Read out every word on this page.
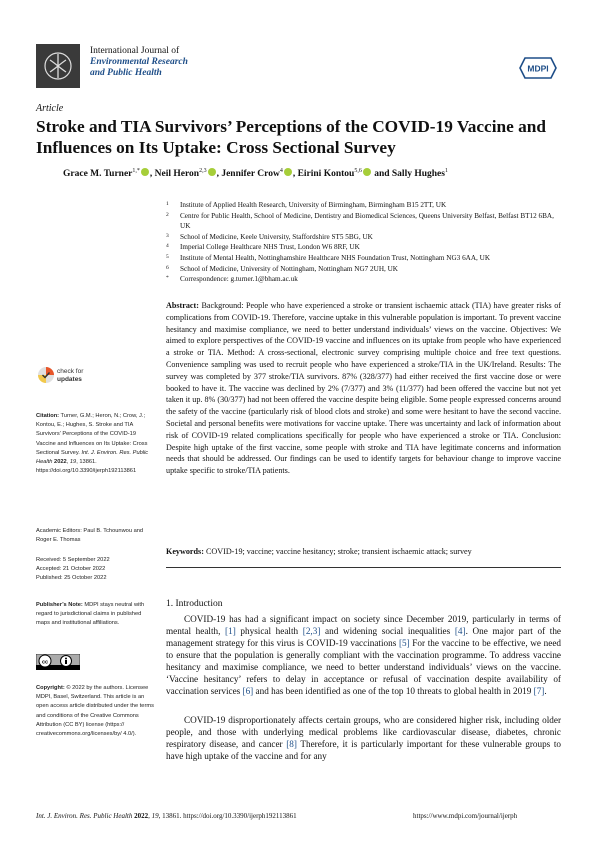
International Journal of
Environmental Research
and Public Health	MDPI
Article
Stroke and TIA Survivors’ Perceptions of the COVID-19 Vaccine and Influences on Its Uptake: Cross Sectional Survey
Grace M. Turner$^{1,*}$ , Neil Heron$^{2,3}$ , Jennifer Crow$^4$ , Eirini Kontou$^{5,6}$ and Sally Hughes$^1$
1 Institute of Applied Health Research, University of Birmingham, Birmingham B15 2TT, UK
2 Centre for Public Health, School of Medicine, Dentistry and Biomedical Sciences, Queens University Belfast, Belfast BT12 6BA, UK
3 School of Medicine, Keele University, Staffordshire ST5 5BG, UK
4 Imperial College Healthcare NHS Trust, London W6 8RF, UK
5 Institute of Mental Health, Nottinghamshire Healthcare NHS Foundation Trust, Nottingham NG3 6AA, UK
6 School of Medicine, University of Nottingham, Nottingham NG7 2UH, UK
* Correspondence: g.turner.1@bham.ac.uk
Abstract: Background: People who have experienced a stroke or transient ischaemic attack (TIA) have greater risks of complications from COVID-19. Therefore, vaccine uptake in this vulnerable population is important. To prevent vaccine hesitancy and maximise compliance, we need to better understand individuals’ views on the vaccine. Objectives: We aimed to explore perspectives of the COVID-19 vaccine and influences on its uptake from people who have experienced a stroke or TIA. Method: A cross-sectional, electronic survey comprising multiple choice and free text questions. Convenience sampling was used to recruit people who have experienced a stroke/TIA in the UK/Ireland. Results: The survey was completed by 377 stroke/TIA survivors. 87% (328/377) had either received the first vaccine dose or were booked to have it. The vaccine was declined by 2% (7/377) and 3% (11/377) had been offered the vaccine but not yet taken it up. 8% (30/377) had not been offered the vaccine despite being eligible. Some people expressed concerns around the safety of the vaccine (particularly risk of blood clots and stroke) and some were hesitant to have the second vaccine. Societal and personal benefits were motivations for vaccine uptake. There was uncertainty and lack of information about risk of COVID-19 related complications specifically for people who have experienced a stroke or TIA. Conclusion: Despite high uptake of the first vaccine, some people with stroke and TIA have legitimate concerns and information needs that should be addressed. Our findings can be used to identify targets for behaviour change to improve vaccine uptake specific to stroke/TIA patients.
Keywords: COVID-19; vaccine; vaccine hesitancy; stroke; transient ischaemic attack; survey
check for
updates
Citation: Turner, G.M.; Heron, N.; Crow, J.; Kontou, E.; Hughes, S. Stroke and TIA Survivors’ Perceptions of the COVID-19 Vaccine and Influences on Its Uptake: Cross Sectional Survey. Int. J. Environ. Res. Public Health 2022, 19, 13861. https://doi.org/10.3390/ijerph192113861
Academic Editors: Paul B. Tchounwou and Roger E. Thomas
Received: 5 September 2022
Accepted: 21 October 2022
Published: 25 October 2022
Publisher’s Note: MDPI stays neutral with regard to jurisdictional claims in published maps and institutional affiliations.
cc
Copyright: © 2022 by the authors. Licensee MDPI, Basel, Switzerland. This article is an open access article distributed under the terms and conditions of the Creative Commons Attribution (CC BY) license (https:// creativecommons.org/licenses/by/ 4.0/).
1. Introduction
COVID-19 has had a significant impact on society since December 2019, particularly in terms of mental health, [1] physical health [2,3] and widening social inequalities [4]. One major part of the management strategy for this virus is COVID-19 vaccinations [5] For the vaccine to be effective, we need to ensure that the population is generally compliant with the vaccination programme. To address vaccine hesitancy and maximise compliance, we need to better understand individuals’ views on the vaccine. ‘Vaccine hesitancy’ refers to delay in acceptance or refusal of vaccination despite availability of vaccination services [6] and has been identified as one of the top 10 threats to global health in 2019 [7].
COVID-19 disproportionately affects certain groups, who are considered higher risk, including older people, and those with underlying medical problems like cardiovascular disease, diabetes, chronic respiratory disease, and cancer [8] Therefore, it is particularly important for these vulnerable groups to have high uptake of the vaccine and for any
Int. J. Environ. Res. Public Health 2022, 19, 13861. https://doi.org/10.3390/ijerph192113861	https://www.mdpi.com/journal/ijerph
